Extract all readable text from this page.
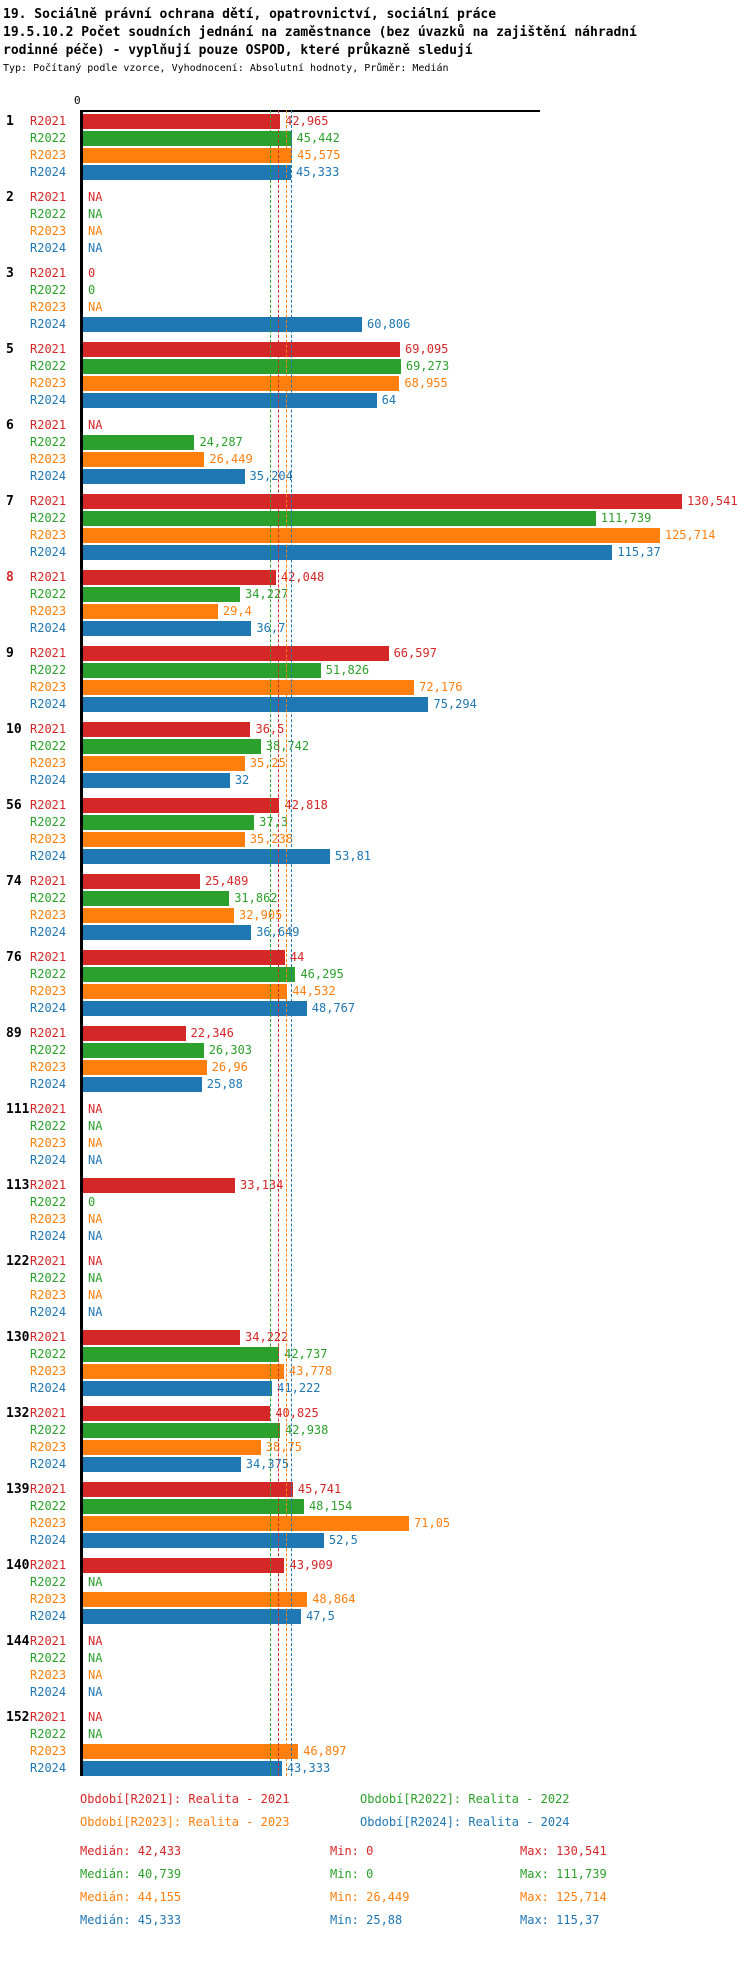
19. Sociálně právní ochrana dětí, opatrovnictví, sociální práce
19.5.10.2 Počet soudních jednání na zaměstnance (bez úvazků na zajištění náhradní rodinné péče) - vyplňují pouze OSPOD, které průkazně sledují
Typ: Počítaný podle vzorce, Vyhodnocení: Absolutní hodnoty, Průměr: Medián
0
1	R2021	42,965
R2022	45,442
R2023	45,575
R2024	45,333
2	R2021	NA
R2022	NA
R2023	NA
R2024	NA
3	R2021	0
R2022	0
R2023	NA
R2024	60,806
5	R2021	69,095
R2022	69,273
R2023	68,955
R2024	64
6	R2021	NA
R2022	24,287
R2023	26,449
R2024	35,204
7	R2021	130,541
R2022	111,739
R2023	125,714
R2024	115,37
8	R2021	42,048
R2022	34,227
R2023	29,4
R2024	36,7
9	R2021	66,597
R2022	51,826
R2023	72,176
R2024	75,294
10 R2021	36,5
R2022	38,742
R2023	35,25
R2024	32
56 R2021	42,818
R2022	37,3
R2023	35,238
R2024	53,81
74 R2021	25,489
R2022	31,862
R2023	32,905
R2024	36,649
76 R2021	44
R2022	46,295
R2023	44,532
R2024	48,767
89 R2021	22,346
R2022	26,303
R2023	26,96
R2024	25,88
111 R2021	NA
R2022	NA
R2023	NA
R2024	NA
113 R2021	33,134
R2022	0
R2023	NA
R2024	NA
122 R2021	NA
R2022	NA
R2023	NA
R2024	NA
130 R2021	34,222
R2022	42,737
R2023	43,778
R2024	41,222
132 R2021	40,825
R2022	42,938
R2023	38,75
R2024	34,375
139 R2021	45,741
R2022	48,154
R2023	71,05
R2024	52,5
140 R2021	43,909
R2022	NA
R2023	48,864
R2024	47,5
144 R2021	NA
R2022	NA
R2023	NA
R2024	NA
152 R2021	NA
R2022	NA
R2023	46,897
R2024	43,333
Období[R2021]: Realita - 2021	Období[R2022]: Realita - 2022
Období[R2023]: Realita - 2023	Období[R2024]: Realita - 2024
Medián: 42,433	Min: 0	Max: 130,541
Medián: 40,739	Min: 0	Max: 111,739
Medián: 44,155	Min: 26,449	Max: 125,714
Medián: 45,333	Min: 25,88	Max: 115,37
